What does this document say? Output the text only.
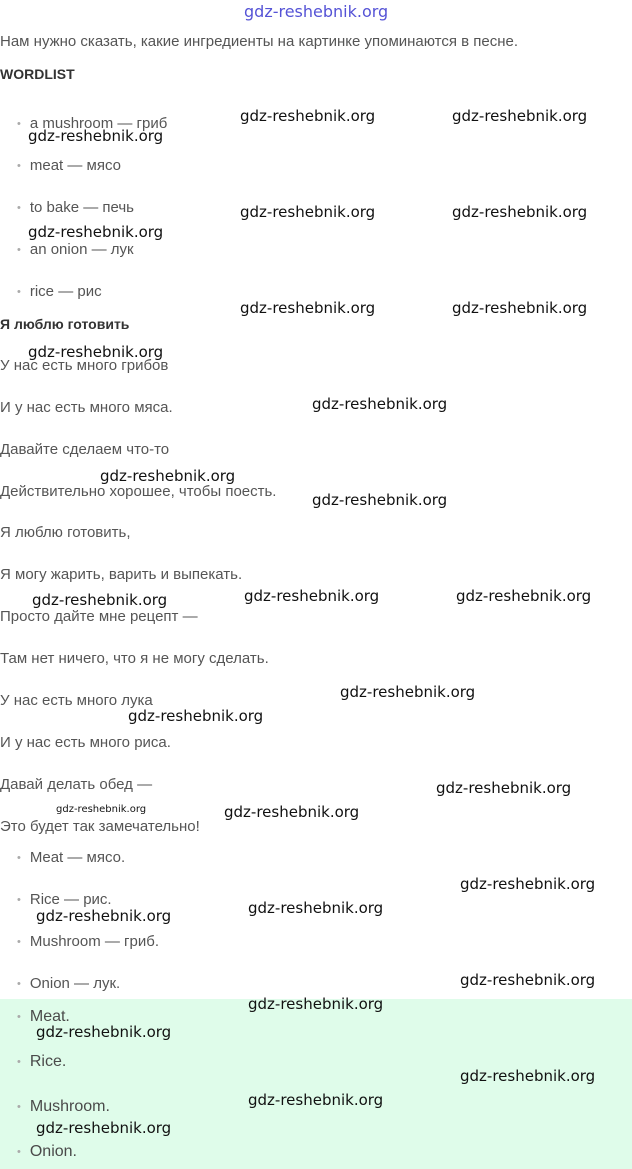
Нам нужно сказать, какие ингредиенты на картинке упоминаются в песне.
WORDLIST
• a mushroom — гриб
• meat — мясо
• to bake — печь
• an onion — лук
• rice — рис
Я люблю готовить
У нас есть много грибов
И у нас есть много мяса.
Давайте сделаем что-то
Действительно хорошее, чтобы поесть.
Я люблю готовить,
Я могу жарить, варить и выпекать.
Просто дайте мне рецепт —
Там нет ничего, что я не могу сделать.
У нас есть много лука
И у нас есть много риса.
Давай делать обед —
Это будет так замечательно!
• Meat — мясо.
• Rice — рис.
• Mushroom — гриб.
• Onion — лук.
• Meat.
• Rice.
• Mushroom.
• Onion.
gdz-reshebnik.org
gdz-reshebnik.org	gdz-reshebnik.org
gdz-reshebnik.org
gdz-reshebnik.org	gdz-reshebnik.org
gdz-reshebnik.org
gdz-reshebnik.org	gdz-reshebnik.org
gdz-reshebnik.org
gdz-reshebnik.org
gdz-reshebnik.org
gdz-reshebnik.org
gdz-reshebnik.org	gdz-reshebnik.org	gdz-reshebnik.org
gdz-reshebnik.org
gdz-reshebnik.org
gdz-reshebnik.org
gdz-reshebnik.org	gdz-reshebnik.org
gdz-reshebnik.org
gdz-reshebnik.org
gdz-reshebnik.org
gdz-reshebnik.org
gdz-reshebnik.org
gdz-reshebnik.org
gdz-reshebnik.org
gdz-reshebnik.org
gdz-reshebnik.org
